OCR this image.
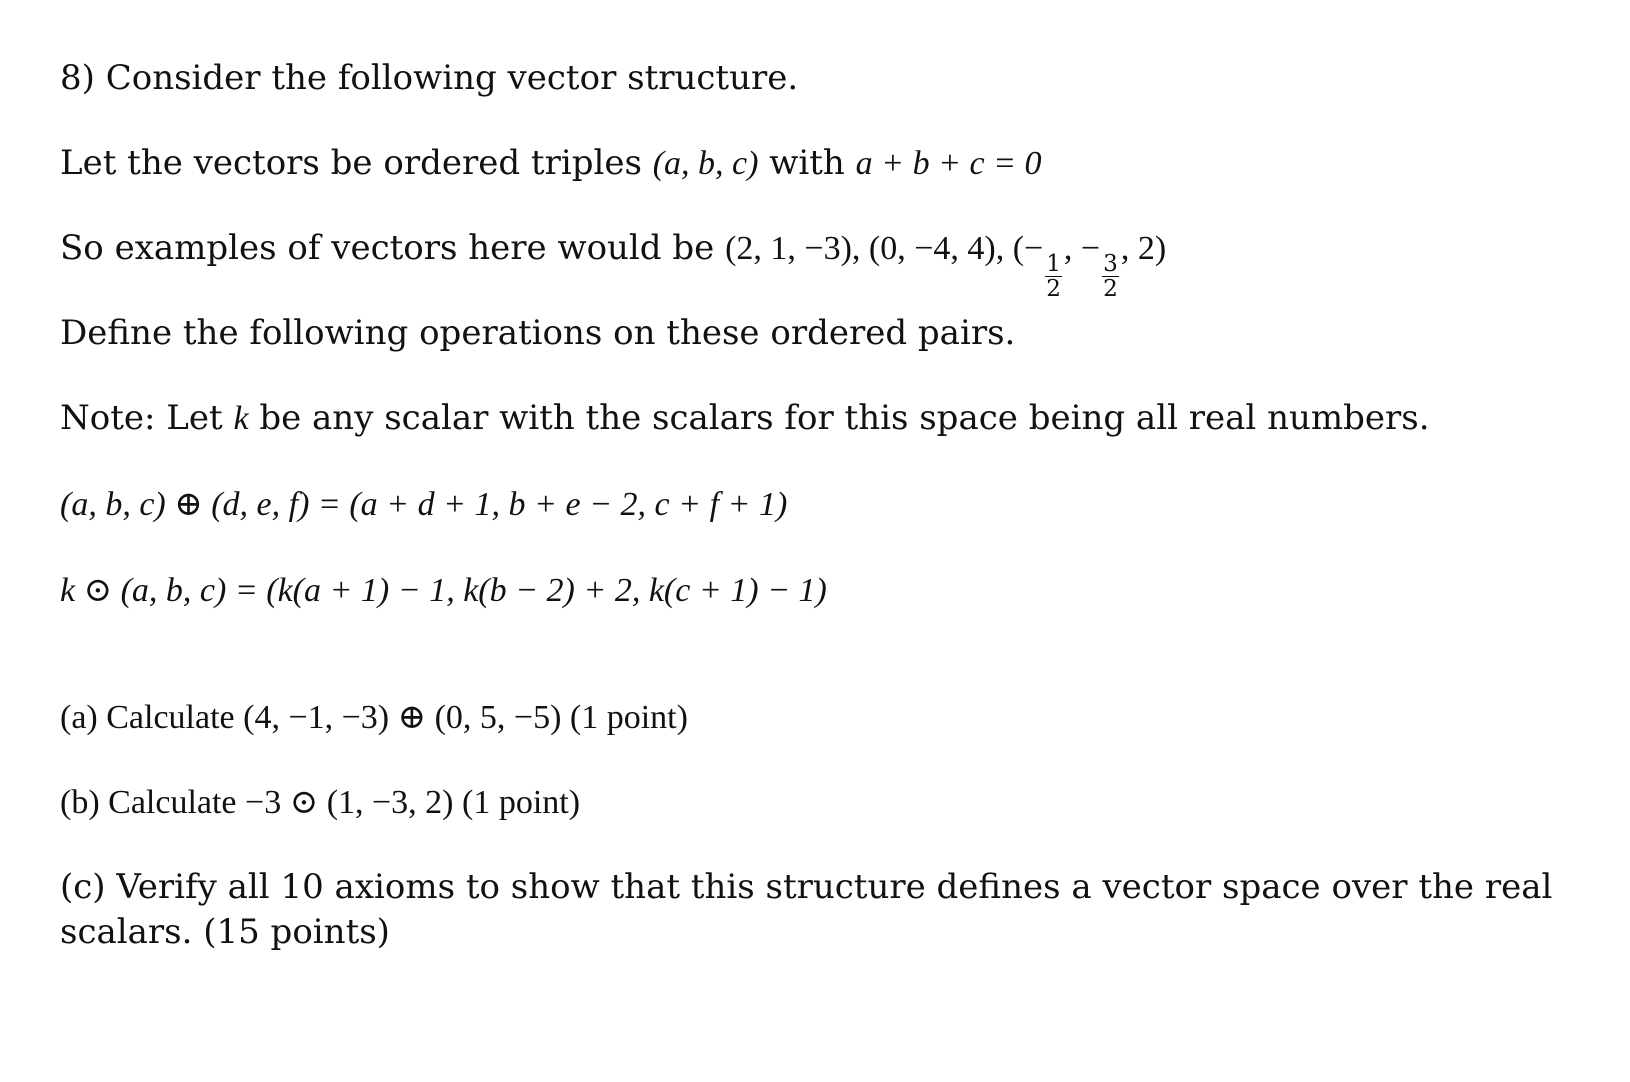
8) Consider the following vector structure.
Let the vectors be ordered triples (a, b, c) with a + b + c = 0
So examples of vectors here would be (2, 1, −3), (0, −4, 4), (−
$\frac{1}{2}$
, −
$\frac{3}{2}$
, 2)
Define the following operations on these ordered pairs.
Note: Let k be any scalar with the scalars for this space being all real numbers.
(a, b, c) ⊕ (d, e, f) = (a + d + 1, b + e − 2, c + f + 1)
k ⊙ (a, b, c) = (k(a + 1) − 1, k(b − 2) + 2, k(c + 1) − 1)
(a) Calculate (4, −1, −3) ⊕ (0, 5, −5) (1 point)
(b) Calculate −3 ⊙ (1, −3, 2) (1 point)
(c) Verify all 10 axioms to show that this structure defines a vector space over the real scalars. (15 points)
